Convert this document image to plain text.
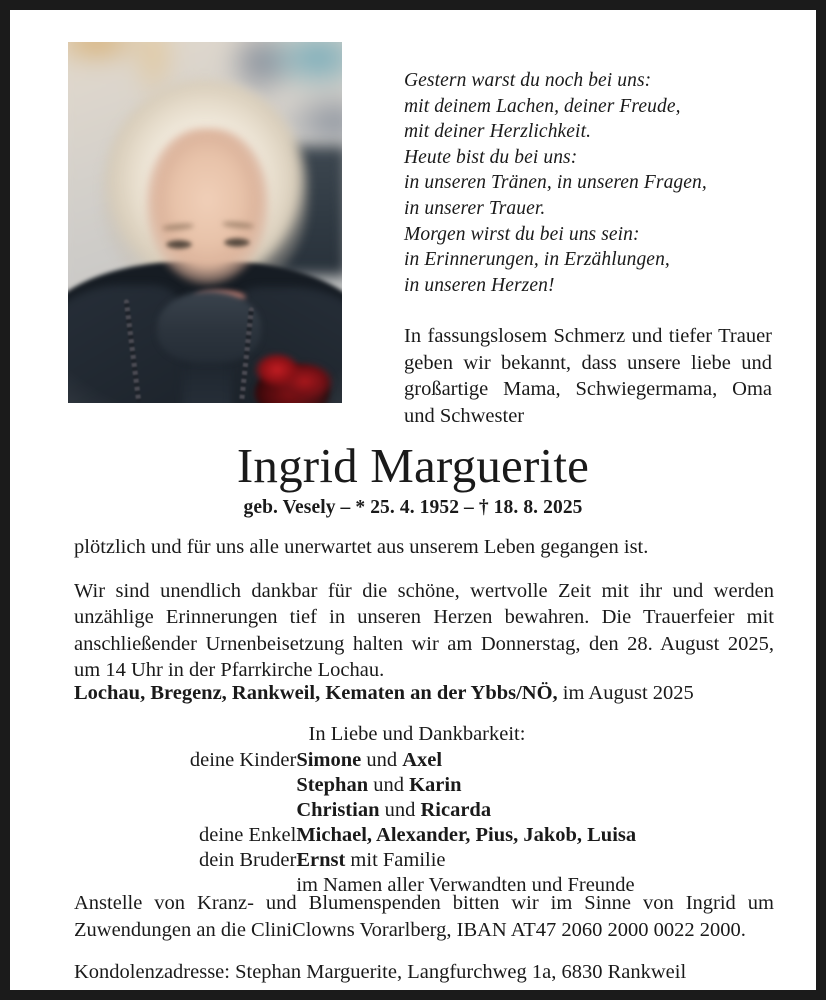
Gestern warst du noch bei uns:
mit deinem Lachen, deiner Freude,
mit deiner Herzlichkeit.
Heute bist du bei uns:
in unseren Tränen, in unseren Fragen,
in unserer Trauer.
Morgen wirst du bei uns sein:
in Erinnerungen, in Erzählungen,
in unseren Herzen!
In fassungslosem Schmerz und tiefer Trauer geben wir bekannt, dass unsere liebe und großartige Mama, Schwiegermama, Oma und Schwester
Ingrid Marguerite
geb. Vesely – * 25. 4. 1952 – † 18. 8. 2025

plötzlich und für uns alle unerwartet aus unserem Leben gegangen ist.

Wir sind unendlich dankbar für die schöne, wertvolle Zeit mit ihr und werden unzählige Erinnerungen tief in unseren Herzen bewahren. Die Trauerfeier mit anschließender Urnenbeisetzung halten wir am Donnerstag, den 28. August 2025, um 14 Uhr in der Pfarrkirche Lochau.

Lochau, Bregenz, Rankweil, Kematen an der Ybbs/NÖ, im August 2025
In Liebe und Dankbarkeit:
deine Kinder	Simone und Axel
	Stephan und Karin
	Christian und Ricarda
deine Enkel	Michael, Alexander, Pius, Jakob, Luisa
dein Bruder	Ernst mit Familie
	im Namen aller Verwandten und Freunde

Anstelle von Kranz- und Blumenspenden bitten wir im Sinne von Ingrid um Zuwendungen an die CliniClowns Vorarlberg, IBAN AT47 2060 2000 0022 2000.

Kondolenzadresse: Stephan Marguerite, Langfurchweg 1a, 6830 Rankweil
